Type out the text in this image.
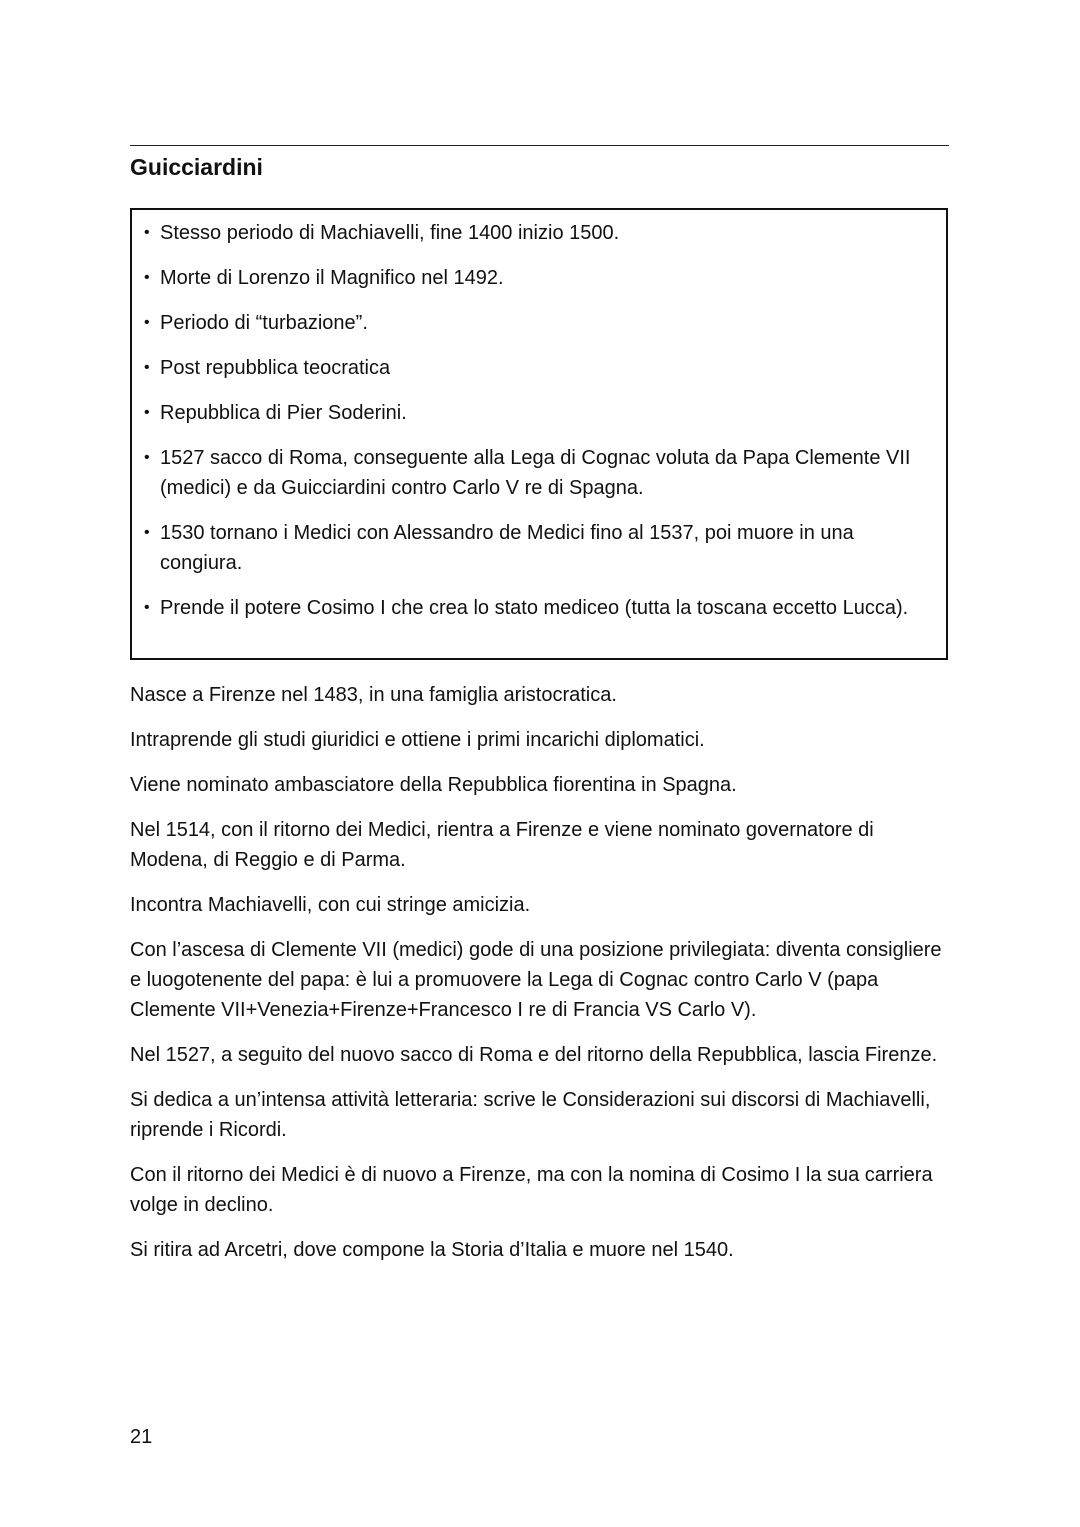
Guicciardini
• Stesso periodo di Machiavelli, fine 1400 inizio 1500.
• Morte di Lorenzo il Magnifico nel 1492.
• Periodo di “turbazione”.
• Post repubblica teocratica
• Repubblica di Pier Soderini.
• 1527 sacco di Roma, conseguente alla Lega di Cognac voluta da Papa Clemente VII (medici) e da Guicciardini contro Carlo V re di Spagna.
• 1530 tornano i Medici con Alessandro de Medici fino al 1537, poi muore in una congiura.
• Prende il potere Cosimo I che crea lo stato mediceo (tutta la toscana eccetto Lucca).

Nasce a Firenze nel 1483, in una famiglia aristocratica.

Intraprende gli studi giuridici e ottiene i primi incarichi diplomatici.

Viene nominato ambasciatore della Repubblica fiorentina in Spagna.

Nel 1514, con il ritorno dei Medici, rientra a Firenze e viene nominato governatore di Modena, di Reggio e di Parma.

Incontra Machiavelli, con cui stringe amicizia.

Con l’ascesa di Clemente VII (medici) gode di una posizione privilegiata: diventa consigliere e luogotenente del papa: è lui a promuovere la Lega di Cognac contro Carlo V (papa Clemente VII+Venezia+Firenze+Francesco I re di Francia VS Carlo V).

Nel 1527, a seguito del nuovo sacco di Roma e del ritorno della Repubblica, lascia Firenze.

Si dedica a un’intensa attività letteraria: scrive le Considerazioni sui discorsi di Machiavelli, riprende i Ricordi.

Con il ritorno dei Medici è di nuovo a Firenze, ma con la nomina di Cosimo I la sua carriera volge in declino.

Si ritira ad Arcetri, dove compone la Storia d’Italia e muore nel 1540.

21
